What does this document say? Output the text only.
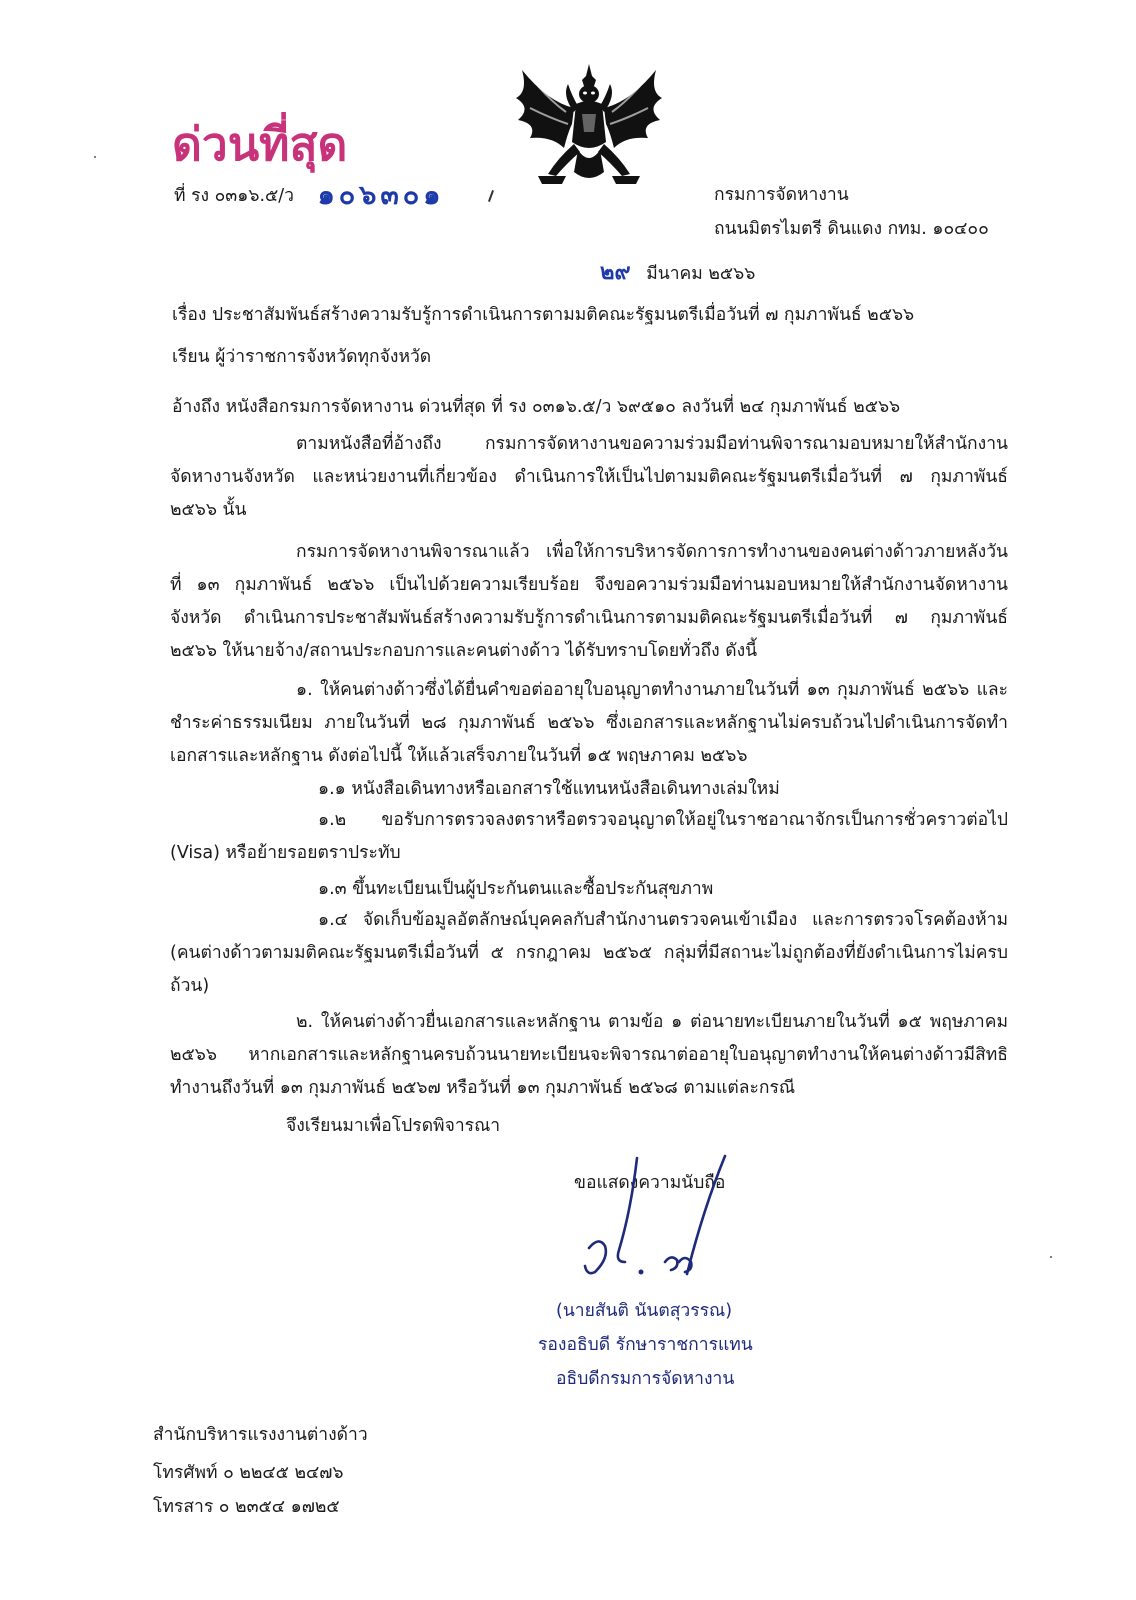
ด่วนที่สุด
ที่ รง ๐๓๑๖.๕/ว ๑๐๖๓๐๑	กรมการจัดหางาน
ถนนมิตรไมตรี ดินแดง กทม. ๑๐๔๐๐
๒๙ มีนาคม ๒๕๖๖
เรื่อง ประชาสัมพันธ์สร้างความรับรู้การดำเนินการตามมติคณะรัฐมนตรีเมื่อวันที่ ๗ กุมภาพันธ์ ๒๕๖๖
เรียน ผู้ว่าราชการจังหวัดทุกจังหวัด
อ้างถึง หนังสือกรมการจัดหางาน ด่วนที่สุด ที่ รง ๐๓๑๖.๕/ว ๖๙๕๑๐ ลงวันที่ ๒๔ กุมภาพันธ์ ๒๕๖๖
ตามหนังสือที่อ้างถึง กรมการจัดหางานขอความร่วมมือท่านพิจารณามอบหมายให้สำนักงานจัดหางานจังหวัด และหน่วยงานที่เกี่ยวข้อง ดำเนินการให้เป็นไปตามมติคณะรัฐมนตรีเมื่อวันที่ ๗ กุมภาพันธ์ ๒๕๖๖ นั้น
กรมการจัดหางานพิจารณาแล้ว เพื่อให้การบริหารจัดการการทำงานของคนต่างด้าวภายหลังวันที่ ๑๓ กุมภาพันธ์ ๒๕๖๖ เป็นไปด้วยความเรียบร้อย จึงขอความร่วมมือท่านมอบหมายให้สำนักงานจัดหางานจังหวัด ดำเนินการประชาสัมพันธ์สร้างความรับรู้การดำเนินการตามมติคณะรัฐมนตรีเมื่อวันที่ ๗ กุมภาพันธ์ ๒๕๖๖ ให้นายจ้าง/สถานประกอบการและคนต่างด้าว ได้รับทราบโดยทั่วถึง ดังนี้
๑. ให้คนต่างด้าวซึ่งได้ยื่นคำขอต่ออายุใบอนุญาตทำงานภายในวันที่ ๑๓ กุมภาพันธ์ ๒๕๖๖ และชำระค่าธรรมเนียม ภายในวันที่ ๒๘ กุมภาพันธ์ ๒๕๖๖ ซึ่งเอกสารและหลักฐานไม่ครบถ้วนไปดำเนินการจัดทำเอกสารและหลักฐาน ดังต่อไปนี้ ให้แล้วเสร็จภายในวันที่ ๑๕ พฤษภาคม ๒๕๖๖
๑.๑ หนังสือเดินทางหรือเอกสารใช้แทนหนังสือเดินทางเล่มใหม่
๑.๒ ขอรับการตรวจลงตราหรือตรวจอนุญาตให้อยู่ในราชอาณาจักรเป็นการชั่วคราวต่อไป (Visa) หรือย้ายรอยตราประทับ
๑.๓ ขึ้นทะเบียนเป็นผู้ประกันตนและซื้อประกันสุขภาพ
๑.๔ จัดเก็บข้อมูลอัตลักษณ์บุคคลกับสำนักงานตรวจคนเข้าเมือง และการตรวจโรคต้องห้าม (คนต่างด้าวตามมติคณะรัฐมนตรีเมื่อวันที่ ๕ กรกฎาคม ๒๕๖๕ กลุ่มที่มีสถานะไม่ถูกต้องที่ยังดำเนินการไม่ครบถ้วน)
๒. ให้คนต่างด้าวยื่นเอกสารและหลักฐาน ตามข้อ ๑ ต่อนายทะเบียนภายในวันที่ ๑๕ พฤษภาคม ๒๕๖๖ หากเอกสารและหลักฐานครบถ้วนนายทะเบียนจะพิจารณาต่ออายุใบอนุญาตทำงานให้คนต่างด้าวมีสิทธิทำงานถึงวันที่ ๑๓ กุมภาพันธ์ ๒๕๖๗ หรือวันที่ ๑๓ กุมภาพันธ์ ๒๕๖๘ ตามแต่ละกรณี
จึงเรียนมาเพื่อโปรดพิจารณา
ขอแสดงความนับถือ
(นายสันติ นันตสุวรรณ)
รองอธิบดี รักษาราชการแทน
อธิบดีกรมการจัดหางาน
สำนักบริหารแรงงานต่างด้าว
โทรศัพท์ ๐ ๒๒๔๕ ๒๔๗๖
โทรสาร ๐ ๒๓๕๔ ๑๗๒๕
